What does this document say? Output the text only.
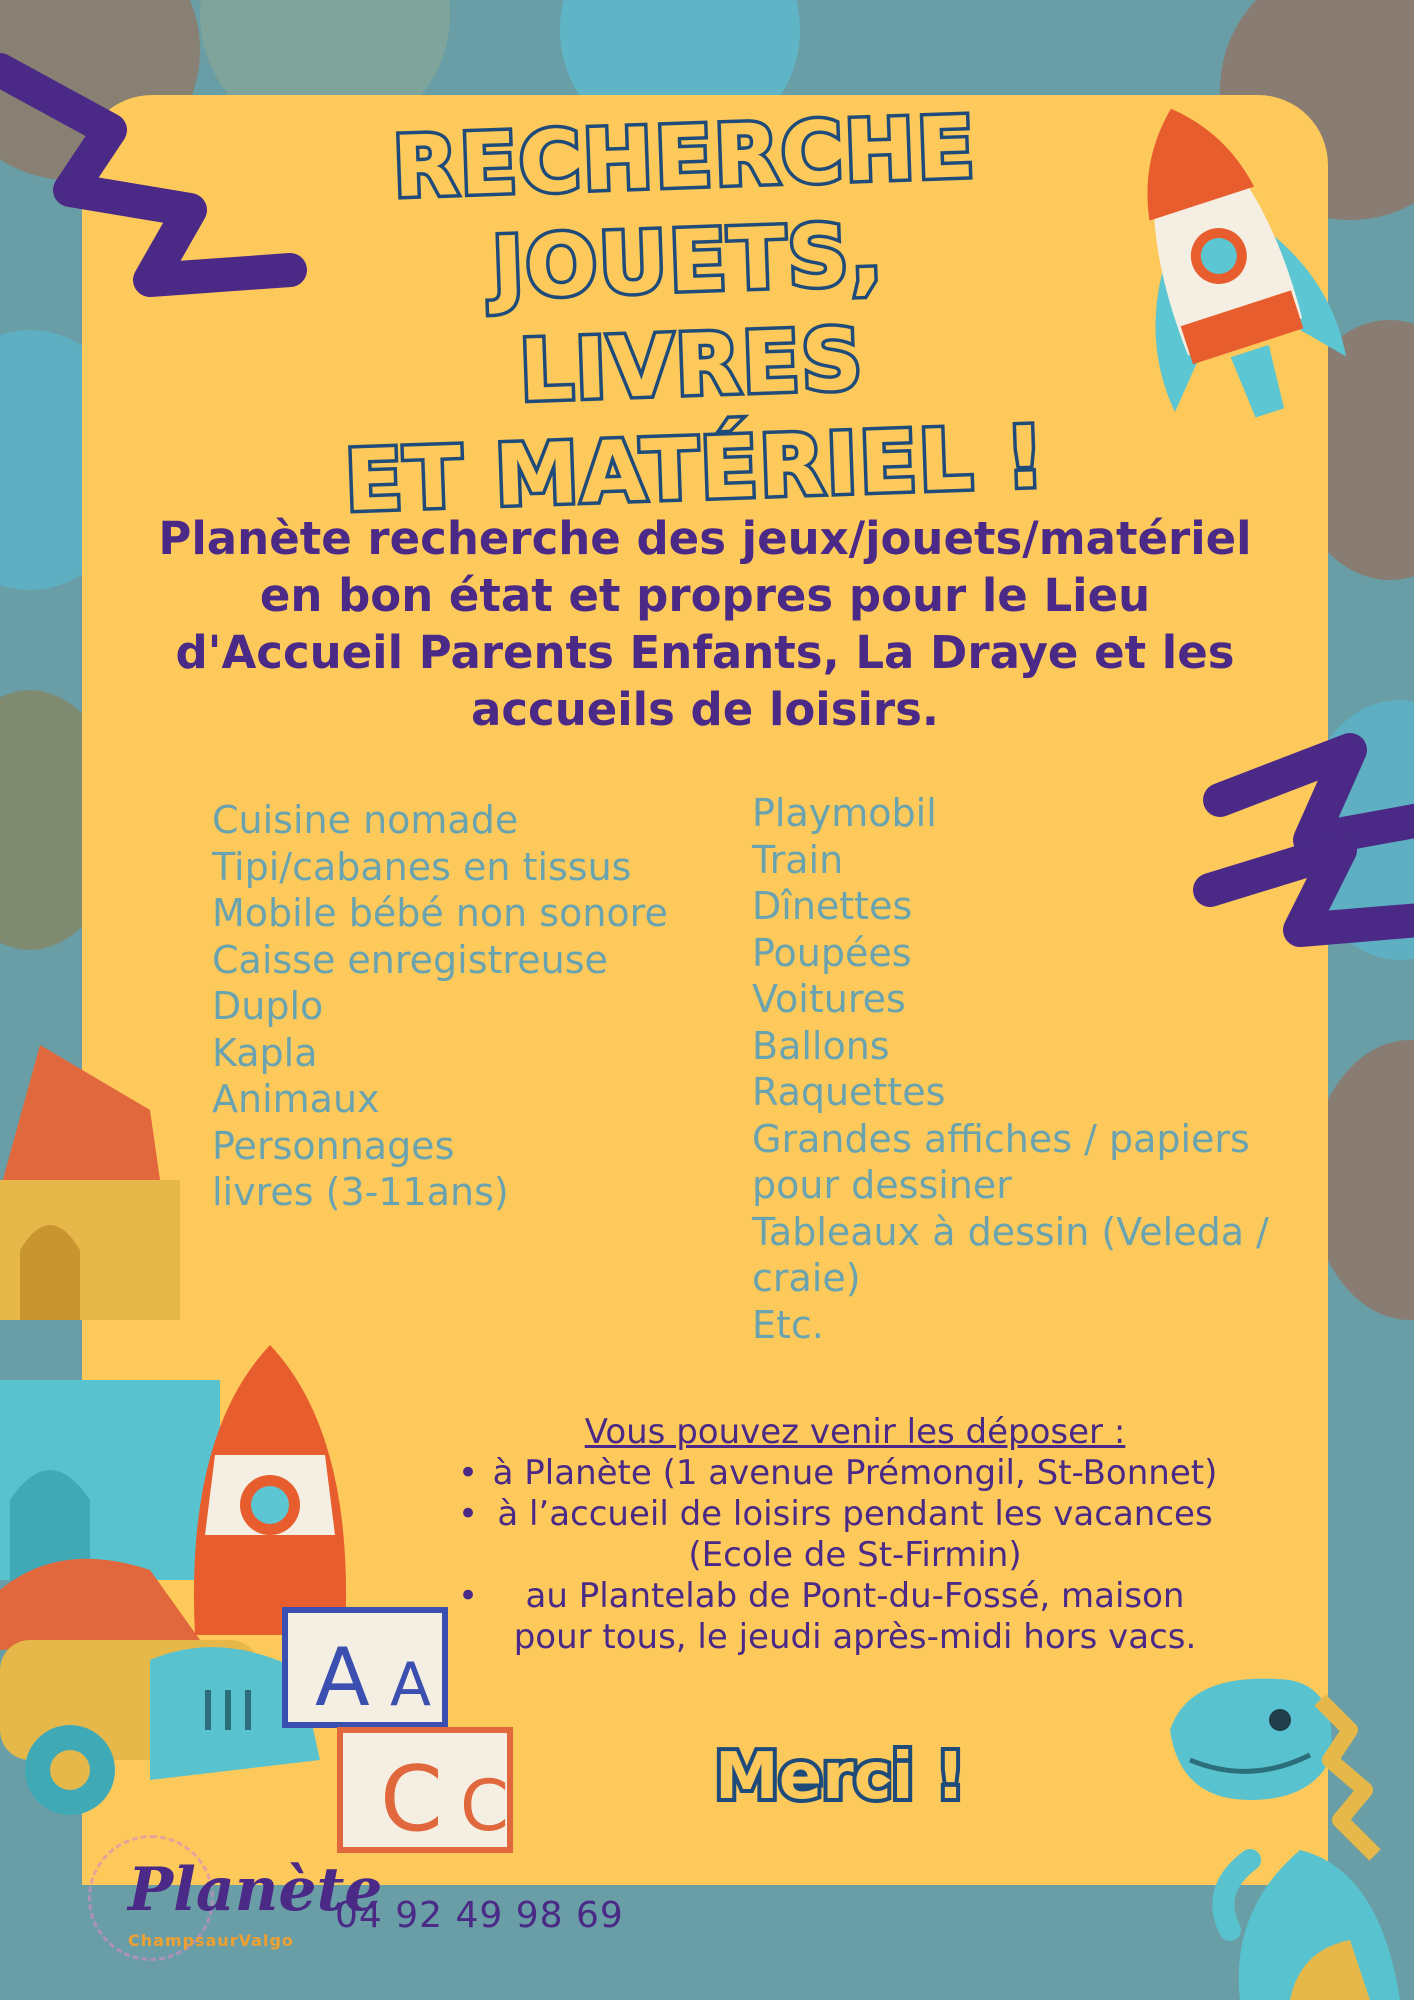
A A
C C
RECHERCHE
JOUETS, LIVRES
ET MATÉRIEL !
Planète recherche des jeux/jouets/matériel en bon état et propres pour le Lieu d'Accueil Parents Enfants, La Draye et les accueils de loisirs.
Cuisine nomade
Tipi/cabanes en tissus
Mobile bébé non sonore
Caisse enregistreuse
Duplo
Kapla
Animaux
Personnages
livres (3-11ans)
Playmobil
Train
Dînettes
Poupées
Voitures
Ballons
Raquettes
Grandes affiches / papiers
pour dessiner
Tableaux à dessin (Veleda /
craie)
Etc.
Vous pouvez venir les déposer :
• à Planète (1 avenue Prémongil, St-Bonnet)
• à l’accueil de loisirs pendant les vacances
(Ecole de St-Firmin)
•	au Plantelab de Pont-du-Fossé, maison
pour tous, le jeudi après-midi hors vacs.
Merci !
Planète
ChampsaurValgo
04 92 49 98 69
